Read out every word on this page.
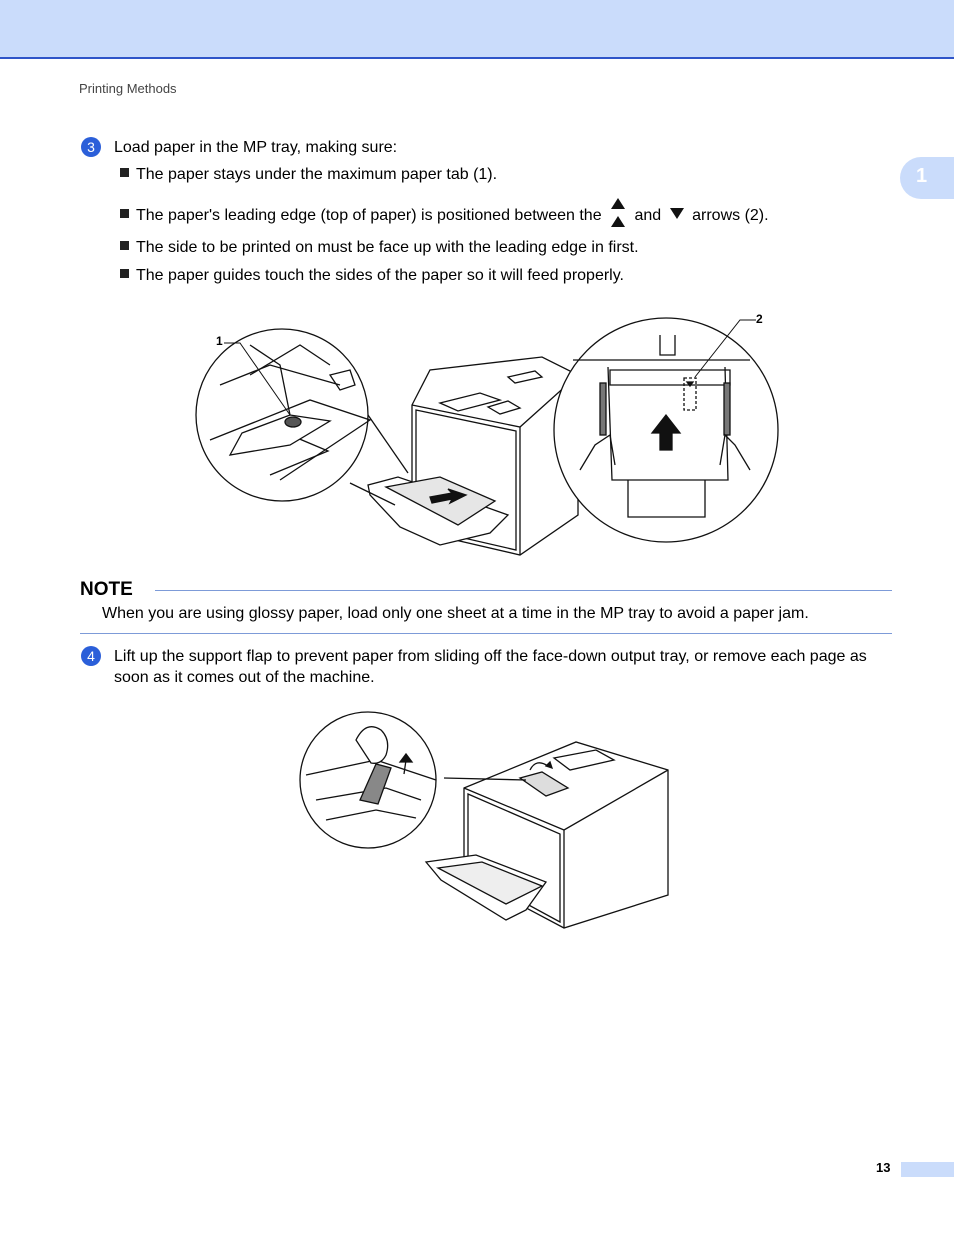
Printing Methods
1
3	Load paper in the MP tray, making sure:
The paper stays under the maximum paper tab (1).
The paper's leading edge (top of paper) is positioned between the and arrows (2).
The side to be printed on must be face up with the leading edge in first.
The paper guides touch the sides of the paper so it will feed properly.
1
2
NOTE
When you are using glossy paper, load only one sheet at a time in the MP tray to avoid a paper jam.
4	Lift up the support flap to prevent paper from sliding off the face-down output tray, or remove each page as soon as it comes out of the machine.
13
